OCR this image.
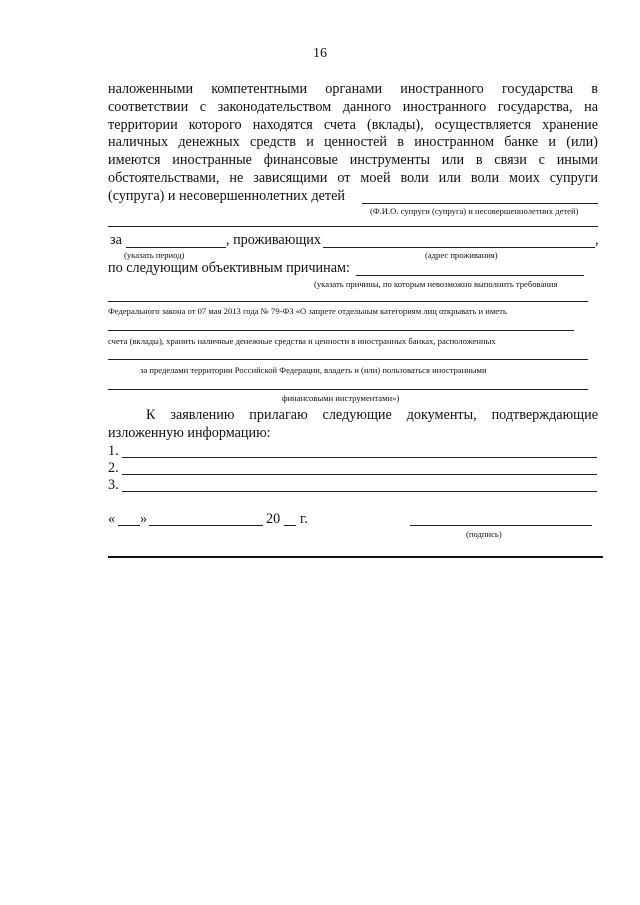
16
наложенными компетентными органами иностранного государства в
соответствии с законодательством данного иностранного государства, на
территории которого находятся счета (вклады), осуществляется хранение
наличных денежных средств и ценностей в иностранном банке и (или)
имеются иностранные финансовые инструменты или в связи с иными
обстоятельствами, не зависящими от моей воли или воли моих супруги
(супруга) и несовершеннолетних детей
(Ф.И.О. супруги (супруга) и несовершеннолетних детей)
за	, проживающих	,
(указать период)	(адрес проживания)
по следующим объективным причинам:
(указать причины, по которым невозможно выполнить требования
Федерального закона от 07 мая 2013 года № 79-ФЗ «О запрете отдельным категориям лиц открывать и иметь
счета (вклады), хранить наличные денежные средства и ценности в иностранных банках, расположенных
за пределами территории Российской Федерации, владеть и (или) пользоваться иностранными
финансовыми инструментами»)
К заявлению прилагаю следующие документы, подтверждающие
изложенную информацию:
1.
2.
3.
« »	20 г.
(подпись)
